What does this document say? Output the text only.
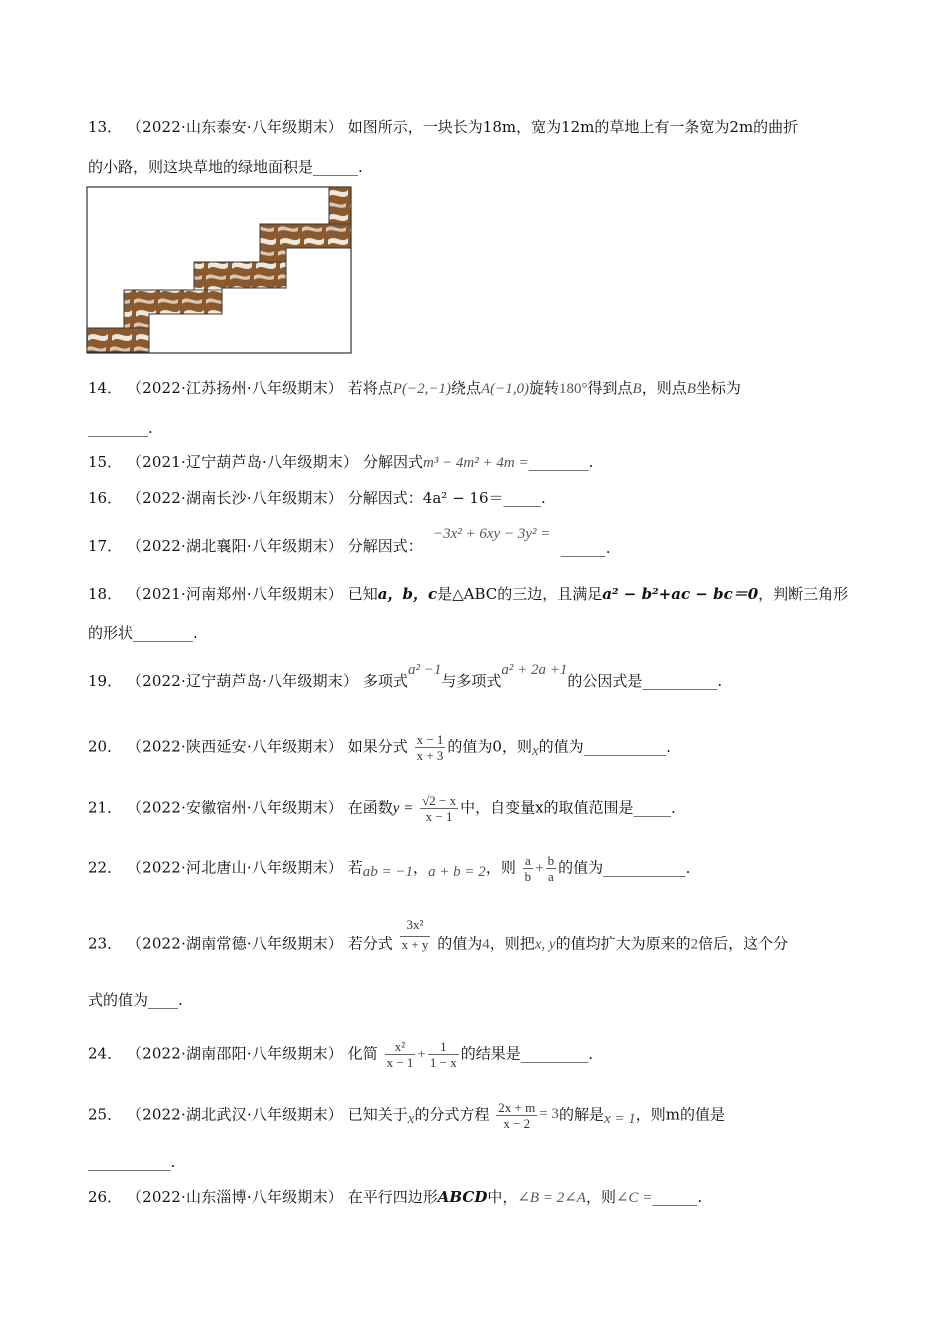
13． （2022·山东泰安·八年级期末） 如图所示，一块长为18m，宽为12m的草地上有一条宽为2m的曲折
的小路，则这块草地的绿地面积是______.
14． （2022·江苏扬州·八年级期末） 若将点P(−2,−1)绕点A(−1,0)旋转180°得到点B，则点B坐标为
________.
15． （2021·辽宁葫芦岛·八年级期末） 分解因式m³ − 4m² + 4m =________.
16． （2022·湖南长沙·八年级期末） 分解因式：4a² − 16＝_____.
−3x² + 6xy − 3y² =
17． （2022·湖北襄阳·八年级期末） 分解因式：	______.
18． （2021·河南郑州·八年级期末） 已知a，b，c是△ABC的三边，且满足a² − b²+ac − bc＝0，判断三角形
的形状________.
19． （2022·辽宁葫芦岛·八年级期末） 多项式a² −1与多项式a² + 2a +1的公因式是__________.
20． （2022·陕西延安·八年级期末） 如果分式 $\frac{x - 1}{x + 3}$ 的值为0，则x的值为___________.
21． （2022·安徽宿州·八年级期末） 在函数$y = \frac{√2 - x}{x - 1}$ 中，自变量x的取值范围是_____.
22． （2022·河北唐山·八年级期末） 若ab = −1，a + b = 2，则 $\frac{a}{b} + \frac{b}{a}$ 的值为___________.
23． （2022·湖南常德·八年级期末） 若分式 $\frac{\text{3x²}}{x + y}$ 的值为4，则把x, y的值均扩大为原来的2倍后，这个分
式的值为____.
24． （2022·湖南邵阳·八年级期末） 化简 $\frac{\text{x²}}{x - 1} + \frac{1}{1 - x}$ 的结果是_________.
25． （2022·湖北武汉·八年级期末） 已知关于x的分式方程 $\frac{2x + m}{x - 2} = 3$的解是x = 1，则m的值是
___________.
26． （2022·山东淄博·八年级期末） 在平行四边形ABCD中，∠B = 2∠A，则∠C =______.
